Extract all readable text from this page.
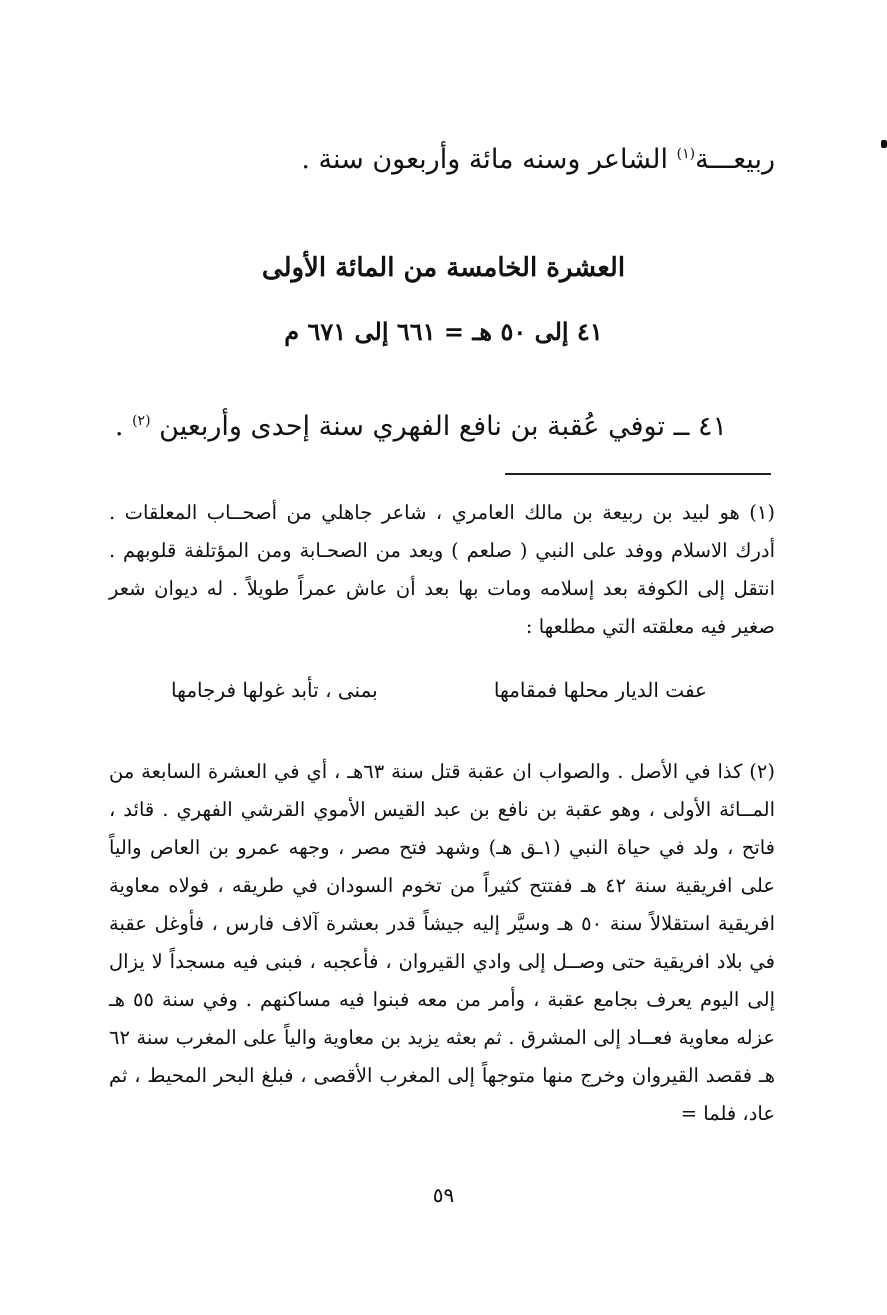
ربيعـــة$^{(١)}$ الشاعر وسنه مائة وأربعون سنة .
العشرة الخامسة من المائة الأولى
٤١ إلى ٥٠ هـ = ٦٦١ إلى ٦٧١ م
٤١ ــ توفي عُقبة بن نافع الفهري سنة إحدى وأربعين $^{(٢)}$ .

(١) هو لبيد بن ربيعة بن مالك العامري ، شاعر جاهلي من أصحــاب المعلقات . أدرك الاسلام ووفد على النبي ( صلعم ) ويعد من الصحـابة ومن المؤتلفة قلوبهم . انتقل إلى الكوفة بعد إسلامه ومات بها بعد أن عاش عمراً طويلاً . له ديوان شعر صغير فيه معلقته التي مطلعها :

عفت الديار محلها فمقامها
بمنى ، تأبد غولها فرجامها

(٢) كذا في الأصل . والصواب ان عقبة قتل سنة ٦٣هـ ، أي في العشرة السابعة من المــائة الأولى ، وهو عقبة بن نافع بن عبد القيس الأموي القرشي الفهري . قائد ، فاتح ، ولد في حياة النبي (١ـق هـ) وشهد فتح مصر ، وجهه عمرو بن العاص والياً على افريقية سنة ٤٢ هـ ففتتح كثيراً من تخوم السودان في طريقه ، فولاه معاوية افريقية استقلالاً سنة ٥٠ هـ وسيَّر إليه جيشاً قدر بعشرة آلاف فارس ، فأوغل عقبة في بلاد افريقية حتى وصــل إلى وادي القيروان ، فأعجبه ، فبنى فيه مسجداً لا يزال إلى اليوم يعرف بجامع عقبة ، وأمر من معه فبنوا فيه مساكنهم . وفي سنة ٥٥ هـ عزله معاوية فعــاد إلى المشرق . ثم بعثه يزيد بن معاوية والياً على المغرب سنة ٦٢ هـ فقصد القيروان وخرج منها متوجهاً إلى المغرب الأقصى ، فبلغ البحر المحيط ، ثم عاد، فلما =

٥٩
